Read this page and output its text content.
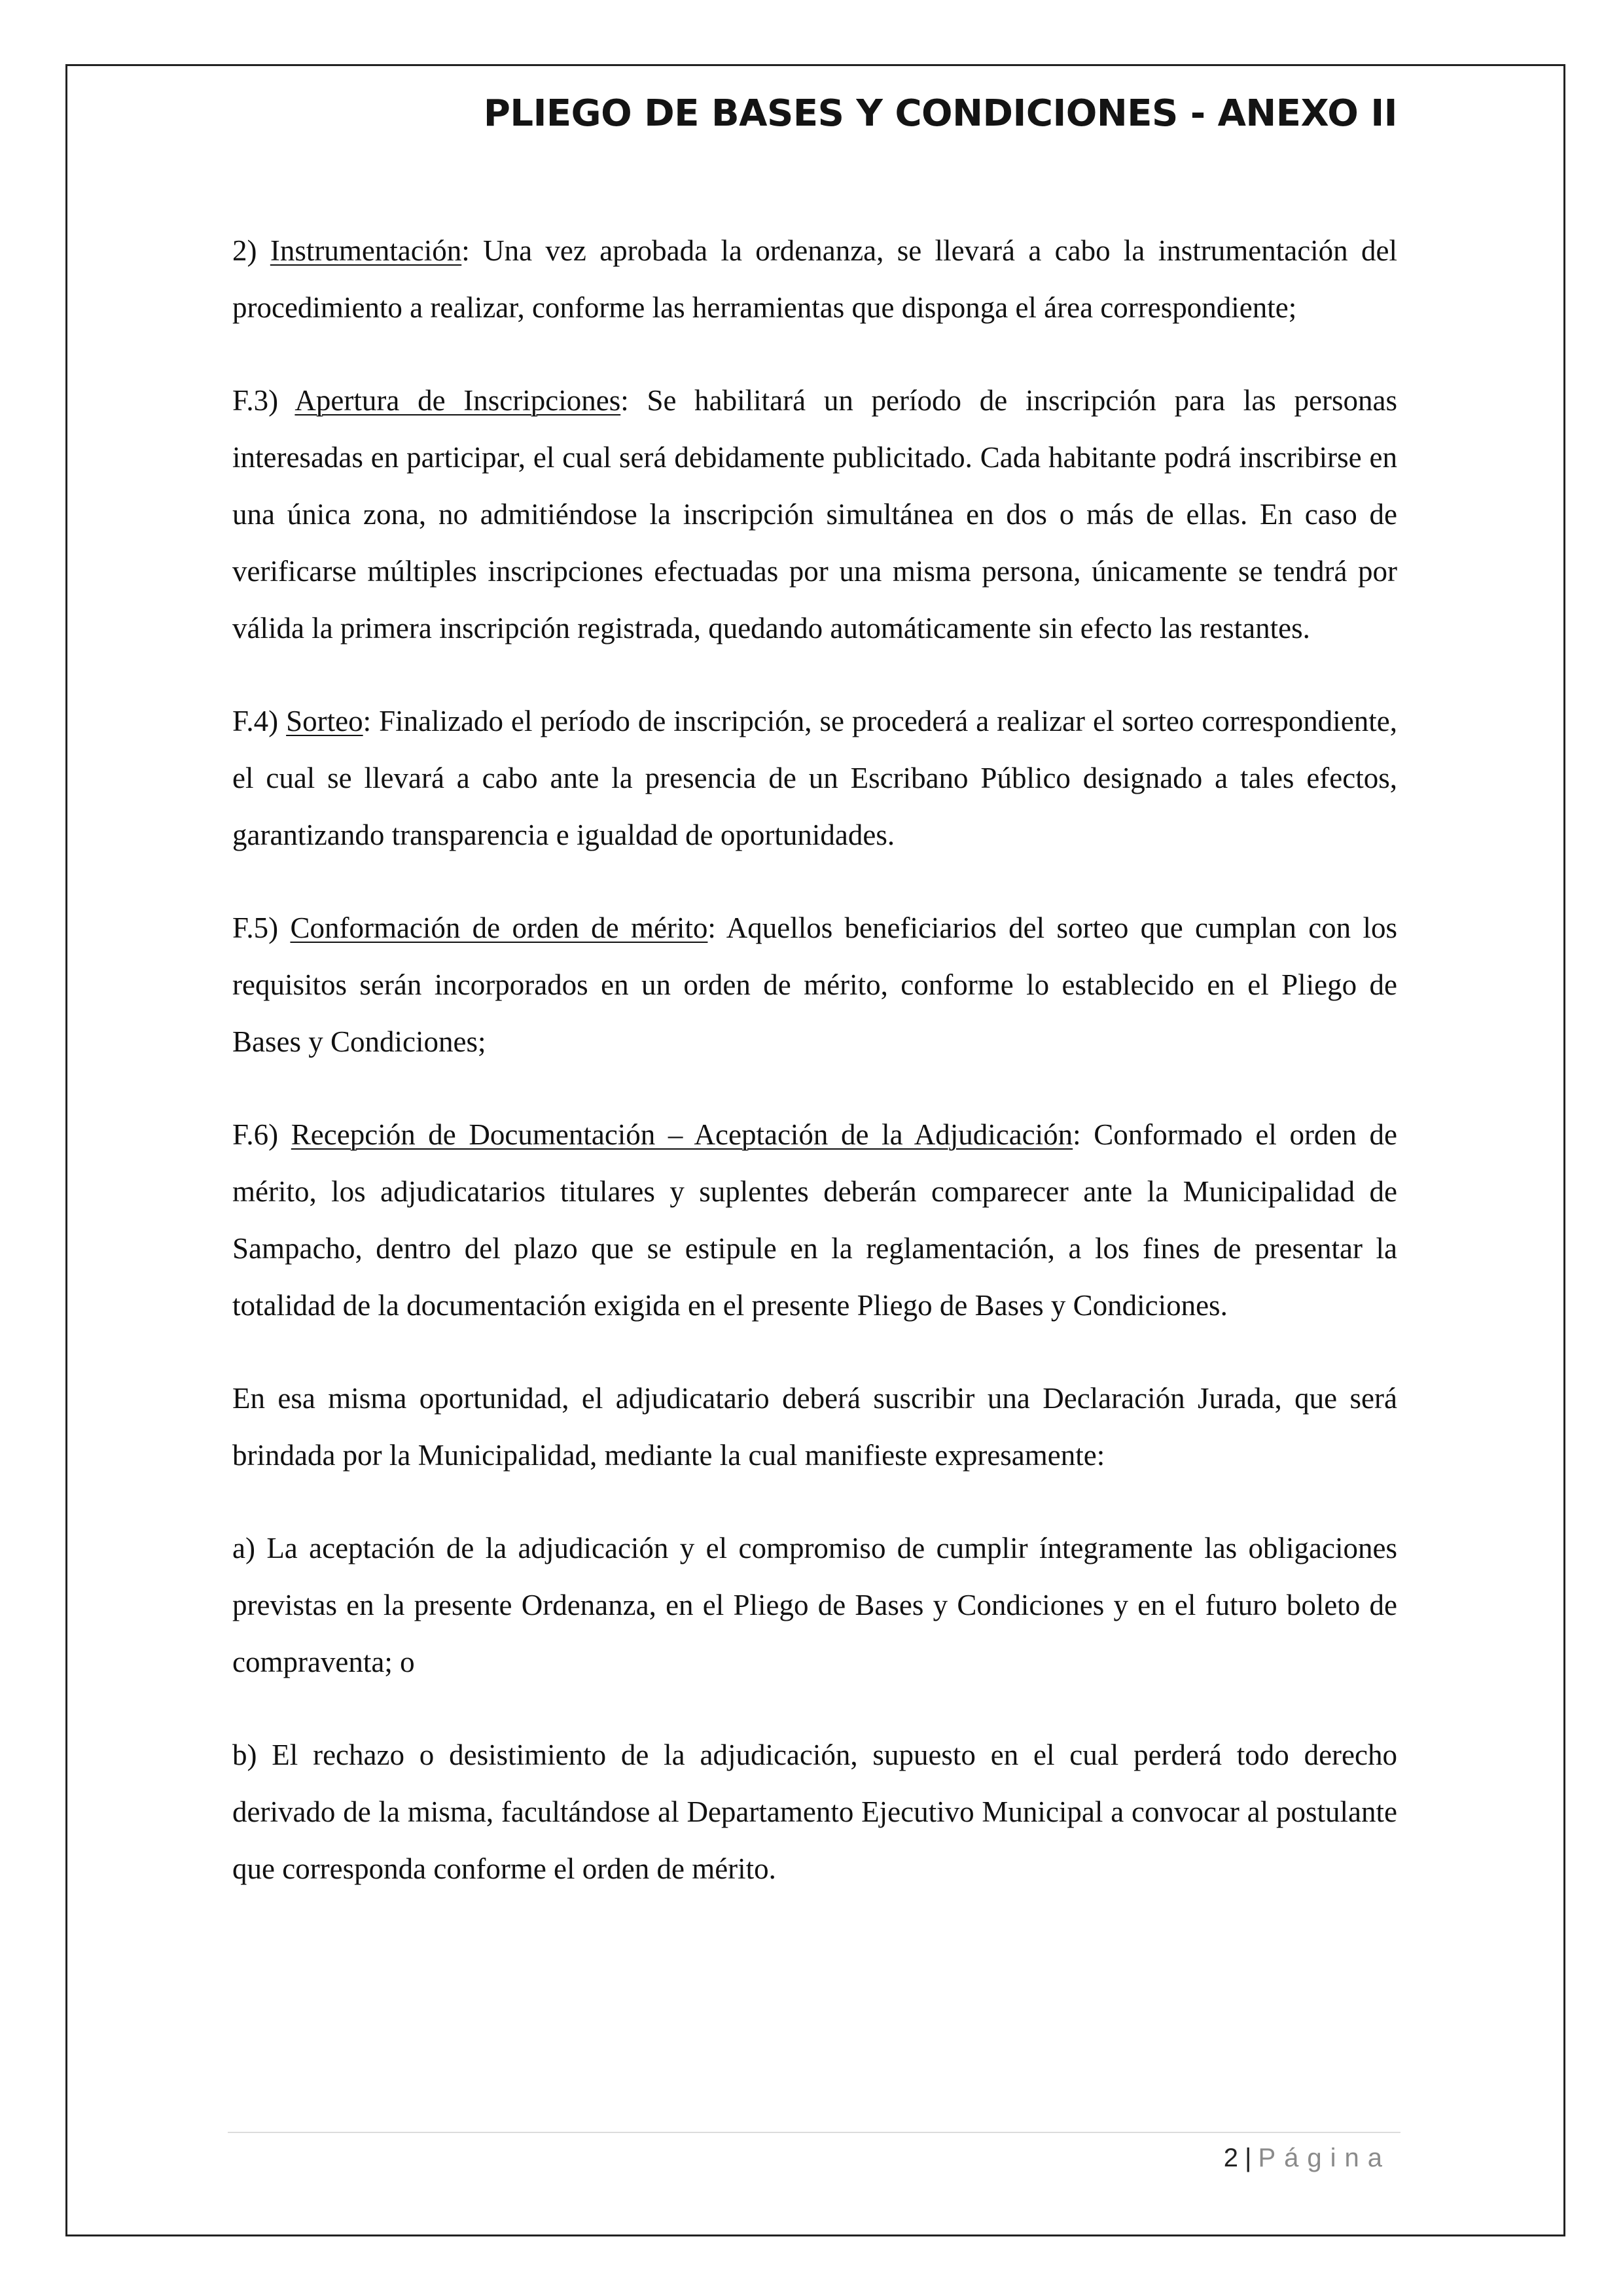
PLIEGO DE BASES Y CONDICIONES - ANEXO II

2) Instrumentación: Una vez aprobada la ordenanza, se llevará a cabo la instrumentación del procedimiento a realizar, conforme las herramientas que disponga el área correspondiente;

F.3) Apertura de Inscripciones: Se habilitará un período de inscripción para las personas interesadas en participar, el cual será debidamente publicitado. Cada habitante podrá inscribirse en una única zona, no admitiéndose la inscripción simultánea en dos o más de ellas. En caso de verificarse múltiples inscripciones efectuadas por una misma persona, únicamente se tendrá por válida la primera inscripción registrada, quedando automáticamente sin efecto las restantes.

F.4) Sorteo: Finalizado el período de inscripción, se procederá a realizar el sorteo correspondiente, el cual se llevará a cabo ante la presencia de un Escribano Público designado a tales efectos, garantizando transparencia e igualdad de oportunidades.

F.5) Conformación de orden de mérito: Aquellos beneficiarios del sorteo que cumplan con los requisitos serán incorporados en un orden de mérito, conforme lo establecido en el Pliego de Bases y Condiciones;

F.6) Recepción de Documentación – Aceptación de la Adjudicación: Conformado el orden de mérito, los adjudicatarios titulares y suplentes deberán comparecer ante la Municipalidad de Sampacho, dentro del plazo que se estipule en la reglamentación, a los fines de presentar la totalidad de la documentación exigida en el presente Pliego de Bases y Condiciones.

En esa misma oportunidad, el adjudicatario deberá suscribir una Declaración Jurada, que será brindada por la Municipalidad, mediante la cual manifieste expresamente:

a) La aceptación de la adjudicación y el compromiso de cumplir íntegramente las obligaciones previstas en la presente Ordenanza, en el Pliego de Bases y Condiciones y en el futuro boleto de compraventa; o

b) El rechazo o desistimiento de la adjudicación, supuesto en el cual perderá todo derecho derivado de la misma, facultándose al Departamento Ejecutivo Municipal a convocar al postulante que corresponda conforme el orden de mérito.

2 | Página
